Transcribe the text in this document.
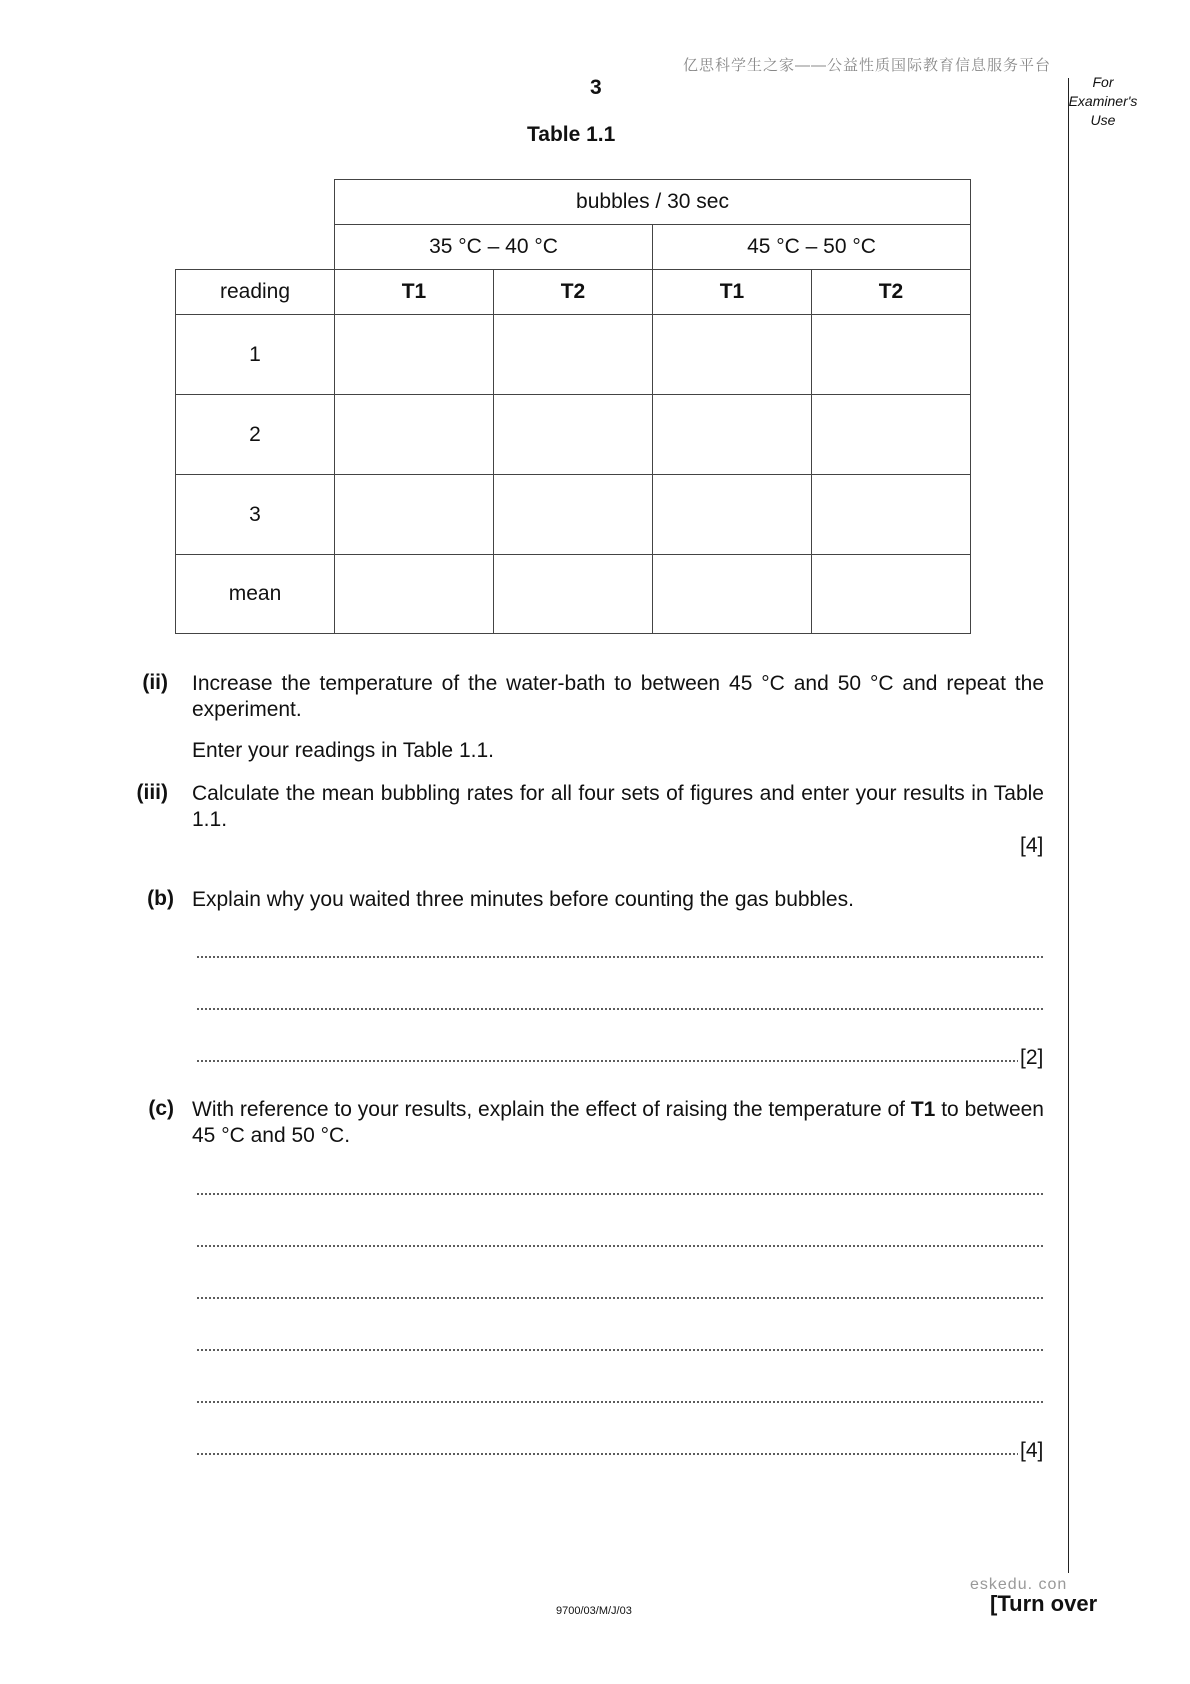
亿思科学生之家——公益性质国际教育信息服务平台
3	For
Examiner's
Use
Table 1.1
	bubbles / 30 sec			
	35 °C – 40 °C		45 °C – 50 °C	
reading	T1	T2	T1	T2
1				
2				
3				
mean				
(ii) Increase the temperature of the water-bath to between 45 °C and 50 °C and repeat the experiment.
Enter your readings in Table 1.1.
(iii) Calculate the mean bubbling rates for all four sets of figures and enter your results in Table 1.1.
[4]
(b) Explain why you waited three minutes before counting the gas bubbles.
[2]
(c) With reference to your results, explain the effect of raising the temperature of T1 to between 45 °C and 50 °C.
[4]
eskedu. con
9700/03/M/J/03	[Turn over
